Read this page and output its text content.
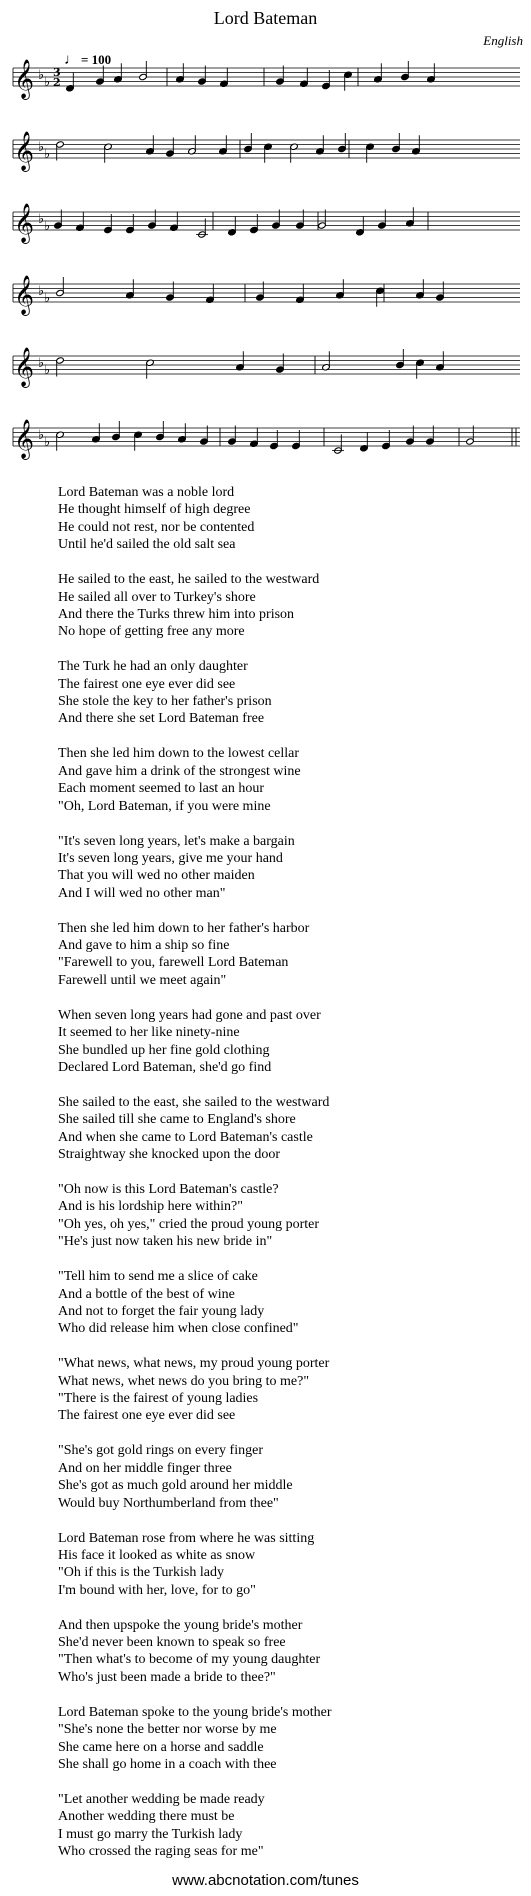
Lord Bateman
English
♩ = 100
𝄞 ♭ ♭
3
2
𝄞 ♭ ♭
𝄞 ♭ ♭
𝄞 ♭ ♭
𝄞 ♭ ♭
𝄞 ♭ ♭
Lord Bateman was a noble lord
He thought himself of high degree
He could not rest, nor be contented
Until he'd sailed the old salt sea
He sailed to the east, he sailed to the westward
He sailed all over to Turkey's shore
And there the Turks threw him into prison
No hope of getting free any more
The Turk he had an only daughter
The fairest one eye ever did see
She stole the key to her father's prison
And there she set Lord Bateman free
Then she led him down to the lowest cellar
And gave him a drink of the strongest wine
Each moment seemed to last an hour
"Oh, Lord Bateman, if you were mine
"It's seven long years, let's make a bargain
It's seven long years, give me your hand
That you will wed no other maiden
And I will wed no other man"
Then she led him down to her father's harbor
And gave to him a ship so fine
"Farewell to you, farewell Lord Bateman
Farewell until we meet again"
When seven long years had gone and past over
It seemed to her like ninety-nine
She bundled up her fine gold clothing
Declared Lord Bateman, she'd go find
She sailed to the east, she sailed to the westward
She sailed till she came to England's shore
And when she came to Lord Bateman's castle
Straightway she knocked upon the door
"Oh now is this Lord Bateman's castle?
And is his lordship here within?"
"Oh yes, oh yes," cried the proud young porter
"He's just now taken his new bride in"
"Tell him to send me a slice of cake
And a bottle of the best of wine
And not to forget the fair young lady
Who did release him when close confined"
"What news, what news, my proud young porter
What news, whet news do you bring to me?"
"There is the fairest of young ladies
The fairest one eye ever did see
"She's got gold rings on every finger
And on her middle finger three
She's got as much gold around her middle
Would buy Northumberland from thee"
Lord Bateman rose from where he was sitting
His face it looked as white as snow
"Oh if this is the Turkish lady
I'm bound with her, love, for to go"
And then upspoke the young bride's mother
She'd never been known to speak so free
"Then what's to become of my young daughter
Who's just been made a bride to thee?"
Lord Bateman spoke to the young bride's mother
"She's none the better nor worse by me
She came here on a horse and saddle
She shall go home in a coach with thee
"Let another wedding be made ready
Another wedding there must be
I must go marry the Turkish lady
Who crossed the raging seas for me"
www.abcnotation.com/tunes
